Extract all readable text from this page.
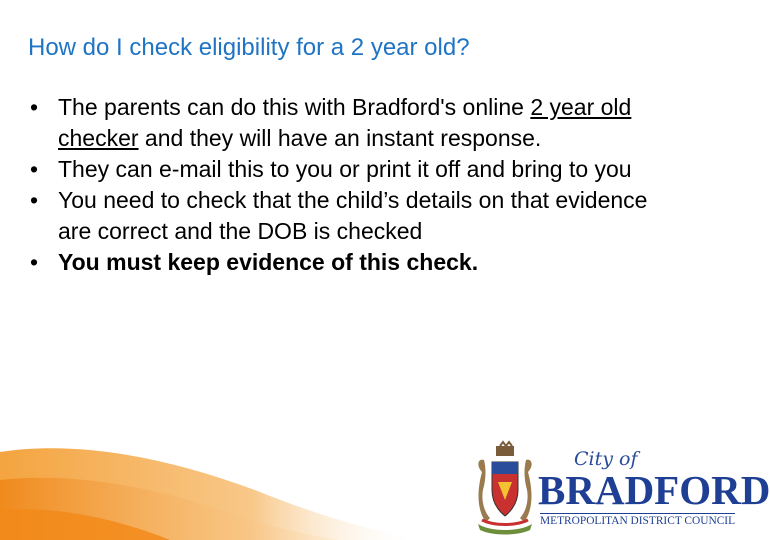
How do I check eligibility for a 2 year old?
• The parents can do this with Bradford's online 2 year old checker and they will have an instant response.
• They can e-mail this to you or print it off and bring to you
• You need to check that the child’s details on that evidence are correct and the DOB is checked
• You must keep evidence of this check.
City of
BRADFORD
METROPOLITAN DISTRICT COUNCIL
